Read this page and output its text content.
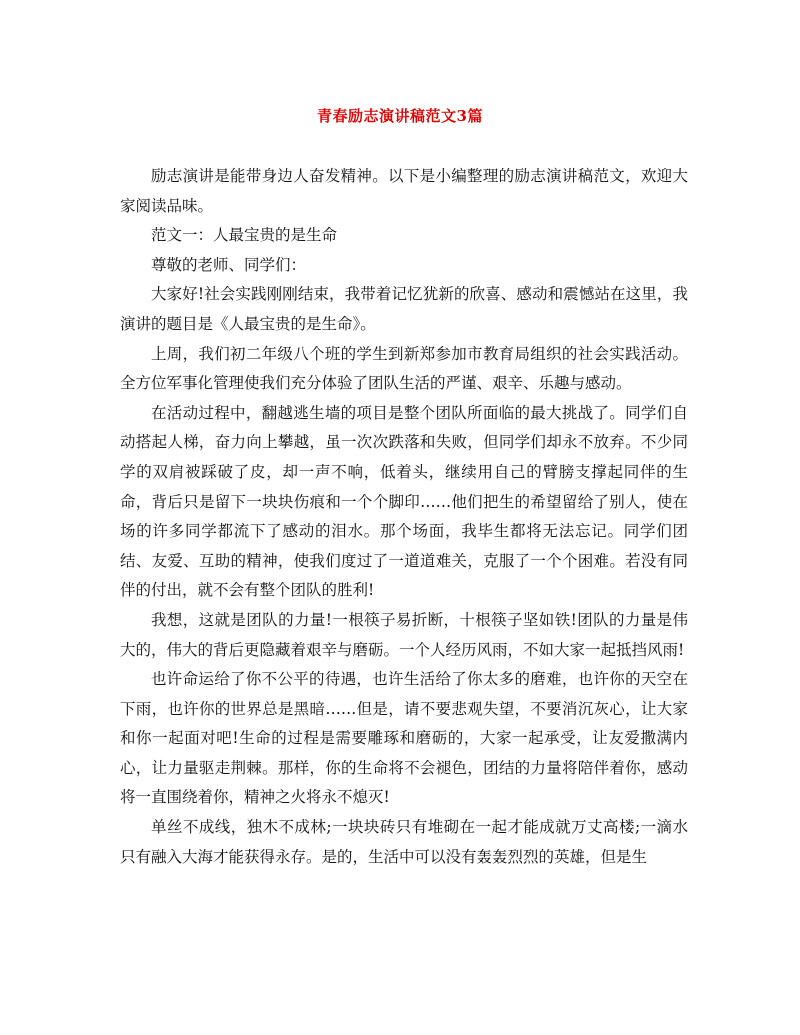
青春励志演讲稿范文3篇

励志演讲是能带身边人奋发精神。以下是小编整理的励志演讲稿范文，欢迎大家阅读品味。

范文一：人最宝贵的是生命

尊敬的老师、同学们：

大家好!社会实践刚刚结束，我带着记忆犹新的欣喜、感动和震憾站在这里，我演讲的题目是《人最宝贵的是生命》。

上周，我们初二年级八个班的学生到新郑参加市教育局组织的社会实践活动。全方位军事化管理使我们充分体验了团队生活的严谨、艰辛、乐趣与感动。

在活动过程中，翻越逃生墙的项目是整个团队所面临的最大挑战了。同学们自动搭起人梯，奋力向上攀越，虽一次次跌落和失败，但同学们却永不放弃。不少同学的双肩被踩破了皮，却一声不响，低着头，继续用自己的臂膀支撑起同伴的生命，背后只是留下一块块伤痕和一个个脚印……他们把生的希望留给了别人，使在场的许多同学都流下了感动的泪水。那个场面，我毕生都将无法忘记。同学们团结、友爱、互助的精神，使我们度过了一道道难关，克服了一个个困难。若没有同伴的付出，就不会有整个团队的胜利!

我想，这就是团队的力量!一根筷子易折断，十根筷子坚如铁!团队的力量是伟大的，伟大的背后更隐藏着艰辛与磨砺。一个人经历风雨，不如大家一起抵挡风雨!

也许命运给了你不公平的待遇，也许生活给了你太多的磨难，也许你的天空在下雨，也许你的世界总是黑暗……但是，请不要悲观失望，不要消沉灰心，让大家和你一起面对吧!生命的过程是需要雕琢和磨砺的，大家一起承受，让友爱撒满内心，让力量驱走荆棘。那样，你的生命将不会褪色，团结的力量将陪伴着你，感动将一直围绕着你，精神之火将永不熄灭!

单丝不成线，独木不成林;一块块砖只有堆砌在一起才能成就万丈高楼;一滴水只有融入大海才能获得永存。是的，生活中可以没有轰轰烈烈的英雄，但是生
